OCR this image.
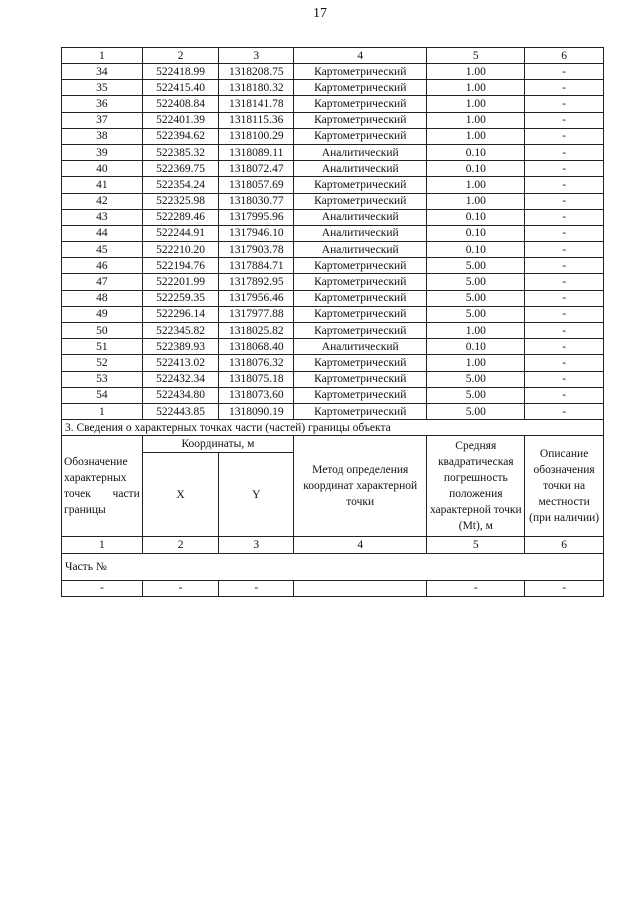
17
1	2	3	4	5	6
34	522418.99	1318208.75	Картометрический	1.00	-
35	522415.40	1318180.32	Картометрический	1.00	-
36	522408.84	1318141.78	Картометрический	1.00	-
37	522401.39	1318115.36	Картометрический	1.00	-
38	522394.62	1318100.29	Картометрический	1.00	-
39	522385.32	1318089.11	Аналитический	0.10	-
40	522369.75	1318072.47	Аналитический	0.10	-
41	522354.24	1318057.69	Картометрический	1.00	-
42	522325.98	1318030.77	Картометрический	1.00	-
43	522289.46	1317995.96	Аналитический	0.10	-
44	522244.91	1317946.10	Аналитический	0.10	-
45	522210.20	1317903.78	Аналитический	0.10	-
46	522194.76	1317884.71	Картометрический	5.00	-
47	522201.99	1317892.95	Картометрический	5.00	-
48	522259.35	1317956.46	Картометрический	5.00	-
49	522296.14	1317977.88	Картометрический	5.00	-
50	522345.82	1318025.82	Картометрический	1.00	-
51	522389.93	1318068.40	Аналитический	0.10	-
52	522413.02	1318076.32	Картометрический	1.00	-
53	522432.34	1318075.18	Картометрический	5.00	-
54	522434.80	1318073.60	Картометрический	5.00	-
1	522443.85	1318090.19	Картометрический	5.00	-
3. Сведения о характерных точках части (частей) границы объекта					
Обозначение характерных точек части границы	Координаты, м		Метод определения координат характерной точки	Средняя квадратическая погрешность положения характерной точки (Mt), м	Описание обозначения точки на местности (при наличии)
	X	Y			
1	2	3	4	5	6
Часть №					
-	-	-		-	-
